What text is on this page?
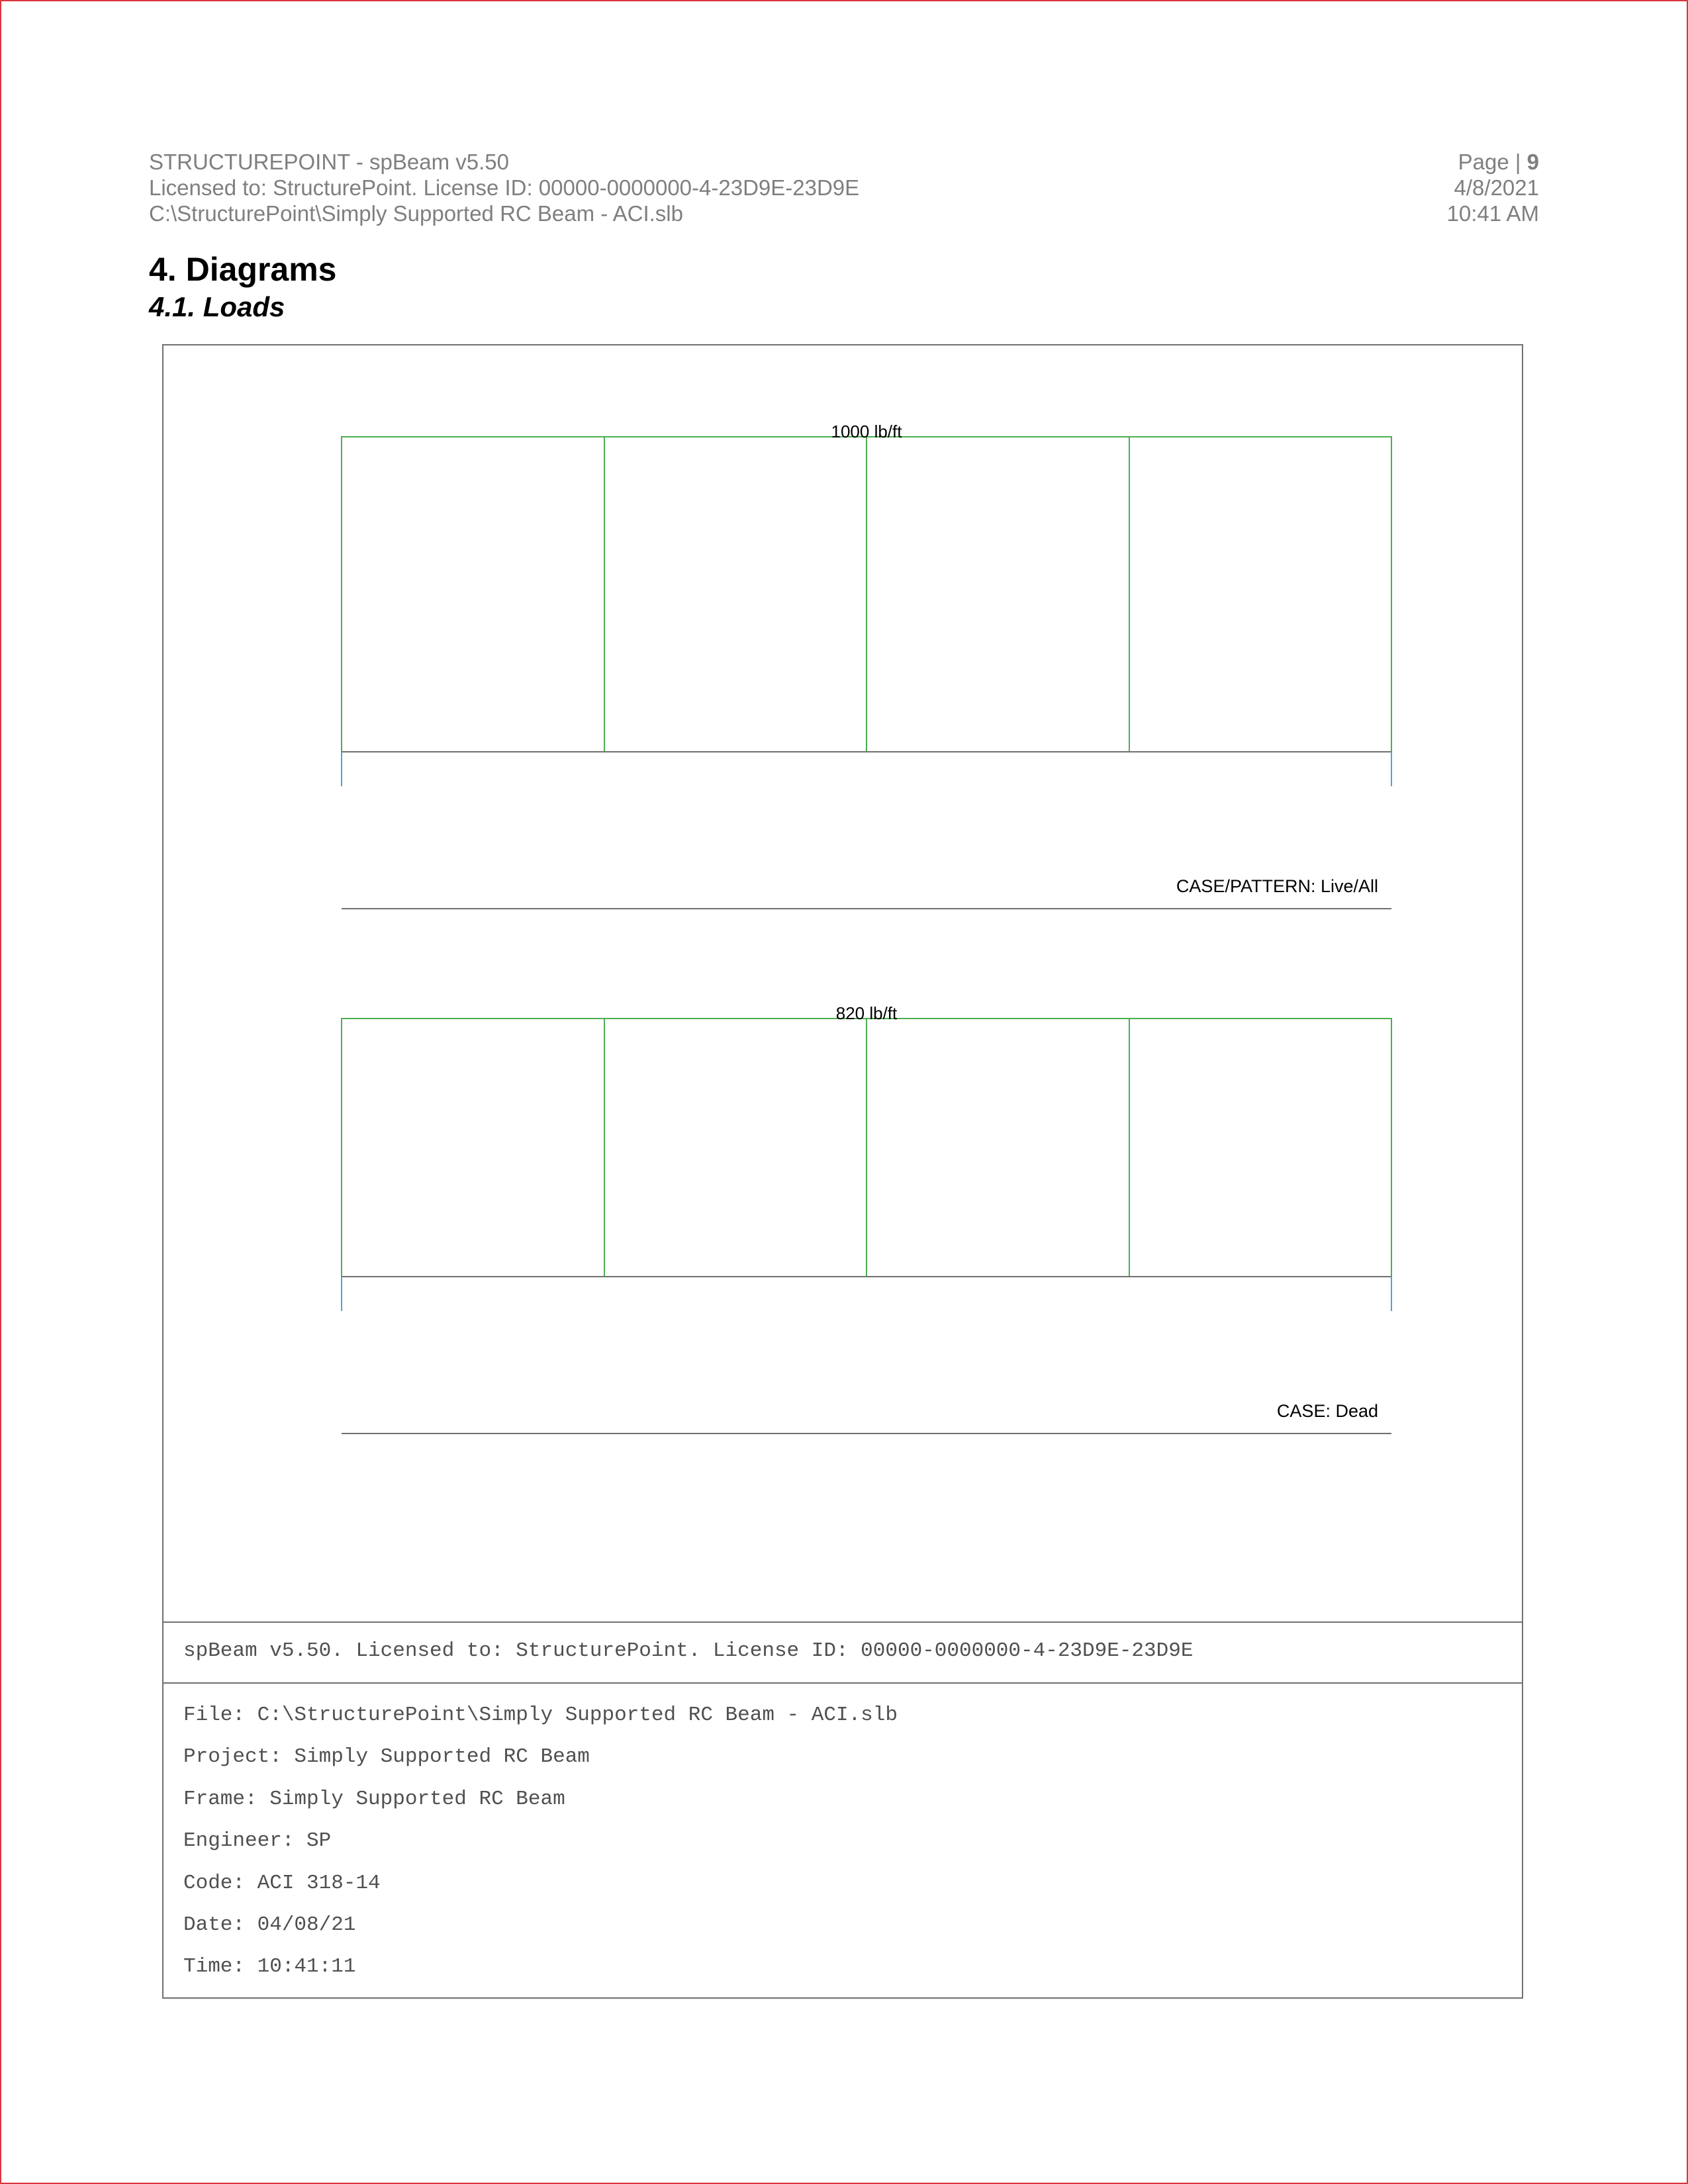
STRUCTUREPOINT - spBeam v5.50
Licensed to: StructurePoint. License ID: 00000-0000000-4-23D9E-23D9E
C:\StructurePoint\Simply Supported RC Beam - ACI.slb
Page | 9
4/8/2021
10:41 AM
4. Diagrams
4.1. Loads
1000 lb/ft
CASE/PATTERN: Live/All
820 lb/ft
CASE: Dead
spBeam v5.50. Licensed to: StructurePoint. License ID: 00000-0000000-4-23D9E-23D9E
File: C:\StructurePoint\Simply Supported RC Beam - ACI.slb
Project: Simply Supported RC Beam
Frame: Simply Supported RC Beam
Engineer: SP
Code: ACI 318-14
Date: 04/08/21
Time: 10:41:11
